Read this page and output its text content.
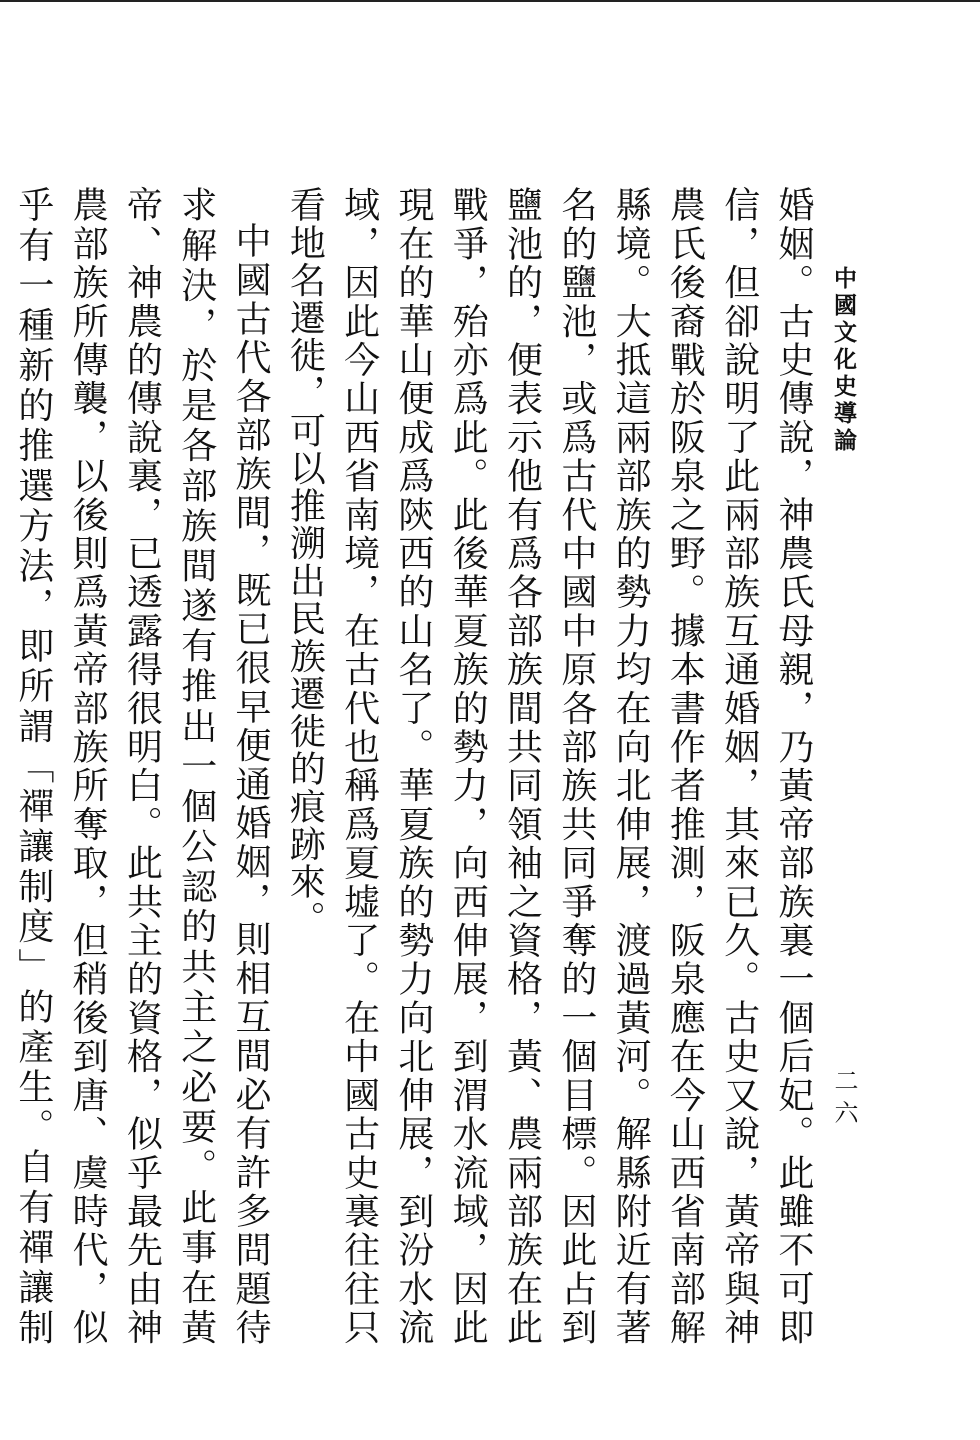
中國文化史導論
二六

婚姻。古史傳說，神農氏母親，乃黃帝部族裏一個后妃。此雖不可即信，但卻說明了此兩部族互通婚姻，其來已久。古史又說，黃帝與神農氏後裔戰於阪泉之野。據本書作者推測，阪泉應在今山西省南部解縣境。大抵這兩部族的勢力均在向北伸展，渡過黃河。解縣附近有著名的鹽池，或爲古代中國中原各部族共同爭奪的一個目標。因此占到鹽池的，便表示他有爲各部族間共同領袖之資格，黃、農兩部族在此戰爭，殆亦爲此。此後華夏族的勢力，向西伸展，到渭水流域，因此現在的華山便成爲陝西的山名了。華夏族的勢力向北伸展，到汾水流域，因此今山西省南境，在古代也稱爲夏墟了。在中國古史裏往往只看地名遷徙，可以推溯出民族遷徙的痕跡來。

中國古代各部族間，既已很早便通婚姻，則相互間必有許多問題待求解決，於是各部族間遂有推出一個公認的共主之必要。此事在黃帝、神農的傳說裏，已透露得很明白。此共主的資格，似乎最先由神農部族所傳襲，以後則爲黃帝部族所奪取，但稍後到唐、虞時代，似乎有一種新的推選方法，即所謂「禪讓制度」的產生。自有禪讓制
